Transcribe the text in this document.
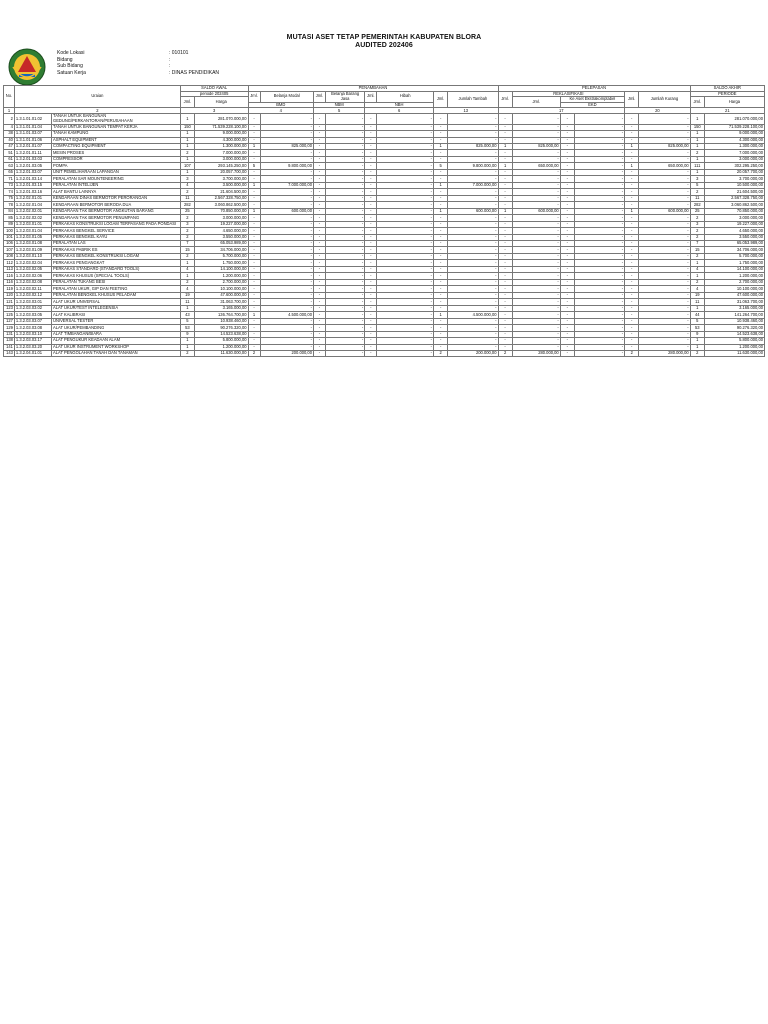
MUTASI ASET TETAP PEMERINTAH KABUPATEN BLORA
AUDITED 202406
Kode Lokasi	: 010101
Bidang	:
Sub Bidang	:
Satuan Kerja	: DINAS PENDIDIKAN
No.	Uraian		SALDO AWAL		PENAMBAHAN								PELEPASAN						SALDO AKHIR	
			periode 202405		Jml.	Belanja Modal	Jml.	Belanja Barang Jasa	Jml.	Hibah	Jml.	Jumlah Tambah	Jml.	REKLASIFIKASI			Jml.	Jumlah Kurang	PERIODE	
			Jml.	Harga										Jml.	Ke Aset Ekstrakomptabel				Jml.	Harga
					BMD		NBM		NBH						EKD					
1	2		3		4		5		6		13		17				20		21	
2	1.3.1.01.01.02	TANAH UNTUK BANGUNAN GEDUNG/PERKANTORAN/PERUSAHAAN	1	281.070.000,00	-	-	-	-	-	-	-	-	-	-	-	-	-	-	1	281.070.000,00
4	1.3.1.01.01.04	TANAH UNTUK BANGUNAN TEMPAT KERJA	150	71.539.228.100,00	-	-	-	-	-	-	-	-	-	-	-	-	-	-	150	71.539.228.100,00
38	1.3.1.01.03.07	TANAH KAMPUNG	1	9.000.000,00	-	-	-	-	-	-	-	-	-	-	-	-	-	-	1	9.000.000,00
40	1.3.1.01.01.06	ASPHALT EQUIPMENT	1	4.300.000,00	-	-	-	-	-	-	-	-	-	-	-	-	-	-	1	4.300.000,00
47	1.3.2.01.01.07	COMPACTING EQUIPMENT	1	1.300.000,00	1	825.000,00	-	-	-	-	1	825.000,00	1	825.000,00	-	-	1	825.000,00	1	1.300.000,00
51	1.3.2.01.01.11	MESIN PROSES	2	7.000.000,00	-	-	-	-	-	-	-	-	-	-	-	-	-	-	2	7.000.000,00
61	1.3.2.01.03.03	COMPRESSOR	1	3.000.000,00	-	-	-	-	-	-	-	-	-	-	-	-	-	-	1	3.000.000,00
63	1.3.2.01.03.05	POMPA	107	293.145.250,00	5	9.800.000,00	-	-	-	-	5	9.800.000,00	1	650.000,00	-	-	1	650.000,00	111	302.295.250,00
65	1.3.2.01.03.07	UNIT PEMELIHARAAN LAPANGAN	1	20.057.700,00	-	-	-	-	-	-	-	-	-	-	-	-	-	-	1	20.057.700,00
71	1.3.2.01.03.14	PERALATAN SAR MOUNTENEERING	3	3.700.000,00	-	-	-	-	-	-	-	-	-	-	-	-	-	-	3	3.700.000,00
73	1.3.2.01.03.15	PERALATAN INTELIJEN	4	3.500.000,00	1	7.000.000,00	-	-	-	-	1	7.000.000,00	-	-	-	-	-	-	5	10.500.000,00
74	1.3.2.01.03.16	ALAT BANTU LAINNYA	2	21.604.500,00	-	-	-	-	-	-	-	-	-	-	-	-	-	-	2	21.604.500,00
75	1.3.2.02.01.01	KENDARAAN DINAS BERMOTOR PERORANGAN	11	2.567.328.750,00	-	-	-	-	-	-	-	-	-	-	-	-	-	-	11	2.567.328.750,00
78	1.3.2.02.01.04	KENDARAAN BERMOTOR BERODA DUA	282	3.060.862.500,00	-	-	-	-	-	-	-	-	-	-	-	-	-	-	282	3.060.862.500,00
84	1.3.2.02.02.01	KENDARAAN TAK BERMOTOR ANGKUTAN BARANG	25	70.850.000,00	1	600.000,00	-	-	-	-	1	600.000,00	1	600.000,00	-	-	1	600.000,00	25	70.850.000,00
85	1.3.2.02.02.02	KENDARAAN TAK BERMOTOR PENUMPANG	2	3.000.000,00	-	-	-	-	-	-	-	-	-	-	-	-	-	-	2	3.000.000,00
89	1.3.2.03.01.01	PERKAKAS KONSTRUKSI LOGAM TERPASANG PADA PONDASI	3	19.227.000,00	-	-	-	-	-	-	-	-	-	-	-	-	-	-	3	19.227.000,00
100	1.3.2.03.01.04	PERKAKAS BENGKEL SERVICE	2	4.650.000,00	-	-	-	-	-	-	-	-	-	-	-	-	-	-	2	4.650.000,00
101	1.3.2.03.01.05	PERKAKAS BENGKEL KAYU	2	3.550.000,00	-	-	-	-	-	-	-	-	-	-	-	-	-	-	2	3.550.000,00
106	1.3.2.03.01.08	PERALATAN LAS	7	65.053.989,00	-	-	-	-	-	-	-	-	-	-	-	-	-	-	7	65.053.989,00
107	1.3.2.03.01.09	PERKAKAS PABRIK ES	15	34.706.000,00	-	-	-	-	-	-	-	-	-	-	-	-	-	-	15	34.706.000,00
108	1.3.2.03.01.10	PERKAKAS BENGKEL KONSTRUKSI LOGAM	2	5.700.000,00	-	-	-	-	-	-	-	-	-	-	-	-	-	-	2	5.700.000,00
112	1.3.2.03.02.04	PERKAKAS PENGANGKAT	1	1.750.000,00	-	-	-	-	-	-	-	-	-	-	-	-	-	-	1	1.750.000,00
113	1.3.2.03.02.05	PERKAKAS STANDARD (STANDARD TOOLS)	4	14.100.000,00	-	-	-	-	-	-	-	-	-	-	-	-	-	-	4	14.100.000,00
116	1.3.2.03.02.06	PERKAKAS KHUSUS (SPECIAL TOOLS)	1	1.200.000,00	-	-	-	-	-	-	-	-	-	-	-	-	-	-	1	1.200.000,00
116	1.3.2.03.02.08	PERALATAN TUKANG BESI	2	2.700.000,00	-	-	-	-	-	-	-	-	-	-	-	-	-	-	2	2.700.000,00
119	1.3.2.03.02.11	PERALATAN UKUR, GIP DAN FEETING	4	10.100.000,00	-	-	-	-	-	-	-	-	-	-	-	-	-	-	4	10.100.000,00
120	1.3.2.03.02.12	PERALATAN BENGKEL KHUSUS PELADAM	19	47.600.000,00	-	-	-	-	-	-	-	-	-	-	-	-	-	-	19	47.600.000,00
121	1.3.2.03.03.01	ALAT UKUR UNIVERSAL	11	31.063.700,00	-	-	-	-	-	-	-	-	-	-	-	-	-	-	11	31.063.700,00
123	1.3.2.03.03.02	ALAT UKUR/TEST INTELEGENSIA	1	3.165.000,00	-	-	-	-	-	-	-	-	-	-	-	-	-	-	1	3.165.000,00
125	1.3.2.03.03.05	ALAT KALIBRASI	43	136.764.700,00	1	4.500.000,00	-	-	-	-	1	4.500.000,00	-	-	-	-	-	-	44	141.264.700,00
127	1.3.2.03.03.07	UNIVERSAL TESTER	5	10.938.460,00	-	-	-	-	-	-	-	-	-	-	-	-	-	-	5	10.938.460,00
129	1.3.2.03.03.08	ALAT UKUR/PEMBANDING	53	90.276.320,00	-	-	-	-	-	-	-	-	-	-	-	-	-	-	53	90.276.320,00
131	1.3.2.03.03.10	ALAT TIMBANGAN/BIARA	9	14.523.638,00	-	-	-	-	-	-	-	-	-	-	-	-	-	-	9	14.523.638,00
138	1.3.2.03.03.17	ALAT PENGUKUR KEADAAN ALAM	1	5.800.000,00	-	-	-	-	-	-	-	-	-	-	-	-	-	-	1	5.800.000,00
141	1.3.2.03.03.20	ALAT UKUR INSTRUMENT WORKSHOP	1	1.200.000,00	-	-	-	-	-	-	-	-	-	-	-	-	-	-	1	1.200.000,00
143	1.3.2.04.01.01	ALAT PENGOLAHAN TANAH DAN TANAMAN	2	11.630.000,00	2	200.000,00	-	-	-	-	2	200.000,00	2	280.000,00	-	-	2	280.000,00	2	11.630.000,00
